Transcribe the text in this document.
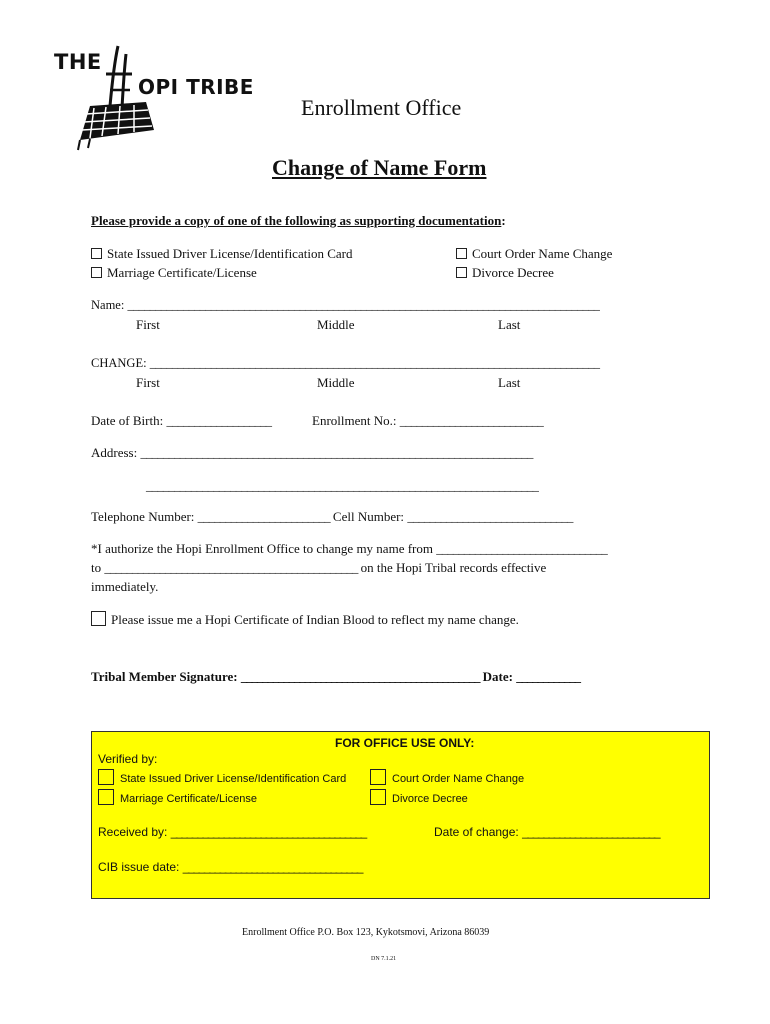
THE
OPI TRIBE
Enrollment Office
Change of Name Form
Please provide a copy of one of the following as supporting documentation:
State Issued Driver License/Identification Card
Marriage Certificate/License
Court Order Name Change
Divorce Decree
Name: _____________________________________________________________________________________
First	Middle	Last
CHANGE: _________________________________________________________________________________
First	Middle	Last
Date of Birth: ___________________	Enrollment No.: __________________________
Address: ______________________________________________________________________
______________________________________________________________________
Telephone Number: ________________________ Cell Number: ______________________________
*I authorize the Hopi Enrollment Office to change my name from _______________________________
to ______________________________________________ on the Hopi Tribal records effective
immediately.
Please issue me a Hopi Certificate of Indian Blood to reflect my name change.
Tribal Member Signature: _____________________________________________ Date: ____________
FOR OFFICE USE ONLY:
Verified by:
State Issued Driver License/Identification Card
Marriage Certificate/License
Court Order Name Change
Divorce Decree
Received by: _____________________________________	Date of change: __________________________
CIB issue date: __________________________________
Enrollment Office P.O. Box 123, Kykotsmovi, Arizona 86039
DN 7.1.21
